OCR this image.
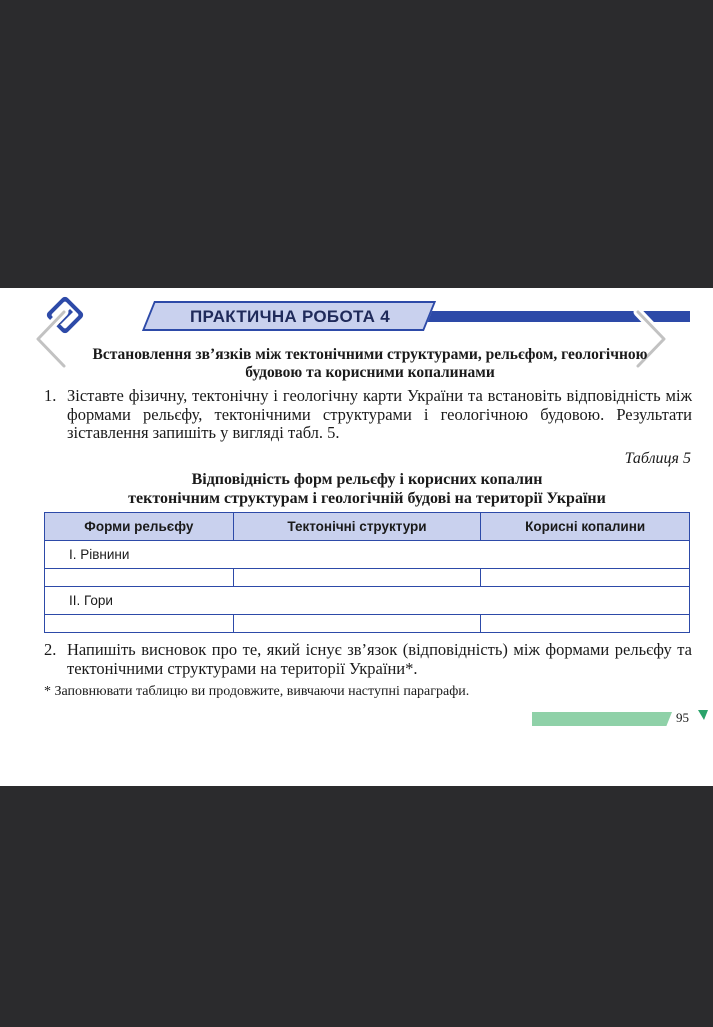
ПРАКТИЧНА РОБОТА 4
Встановлення зв’язків між тектонічними структурами, рельєфом, геологічною
будовою та корисними копалинами
1. Зіставте фізичну, тектонічну і геологічну карти України та встановіть відповідність між формами рельєфу, тектонічними структурами і геологічною будовою. Результати зіставлення запишіть у вигляді табл. 5.
Таблиця 5
Відповідність форм рельєфу і корисних копалин
тектонічним структурам і геологічній будові на території України
Форми рельєфу	Тектонічні структури	Корисні копалини
I. Рівнини		

II. Гори		

2. Напишіть висновок про те, який існує зв’язок (відповідність) між формами рельєфу та тектонічними структурами на території України*.
* Заповнювати таблицю ви продовжите, вивчаючи наступні параграфи.
95
